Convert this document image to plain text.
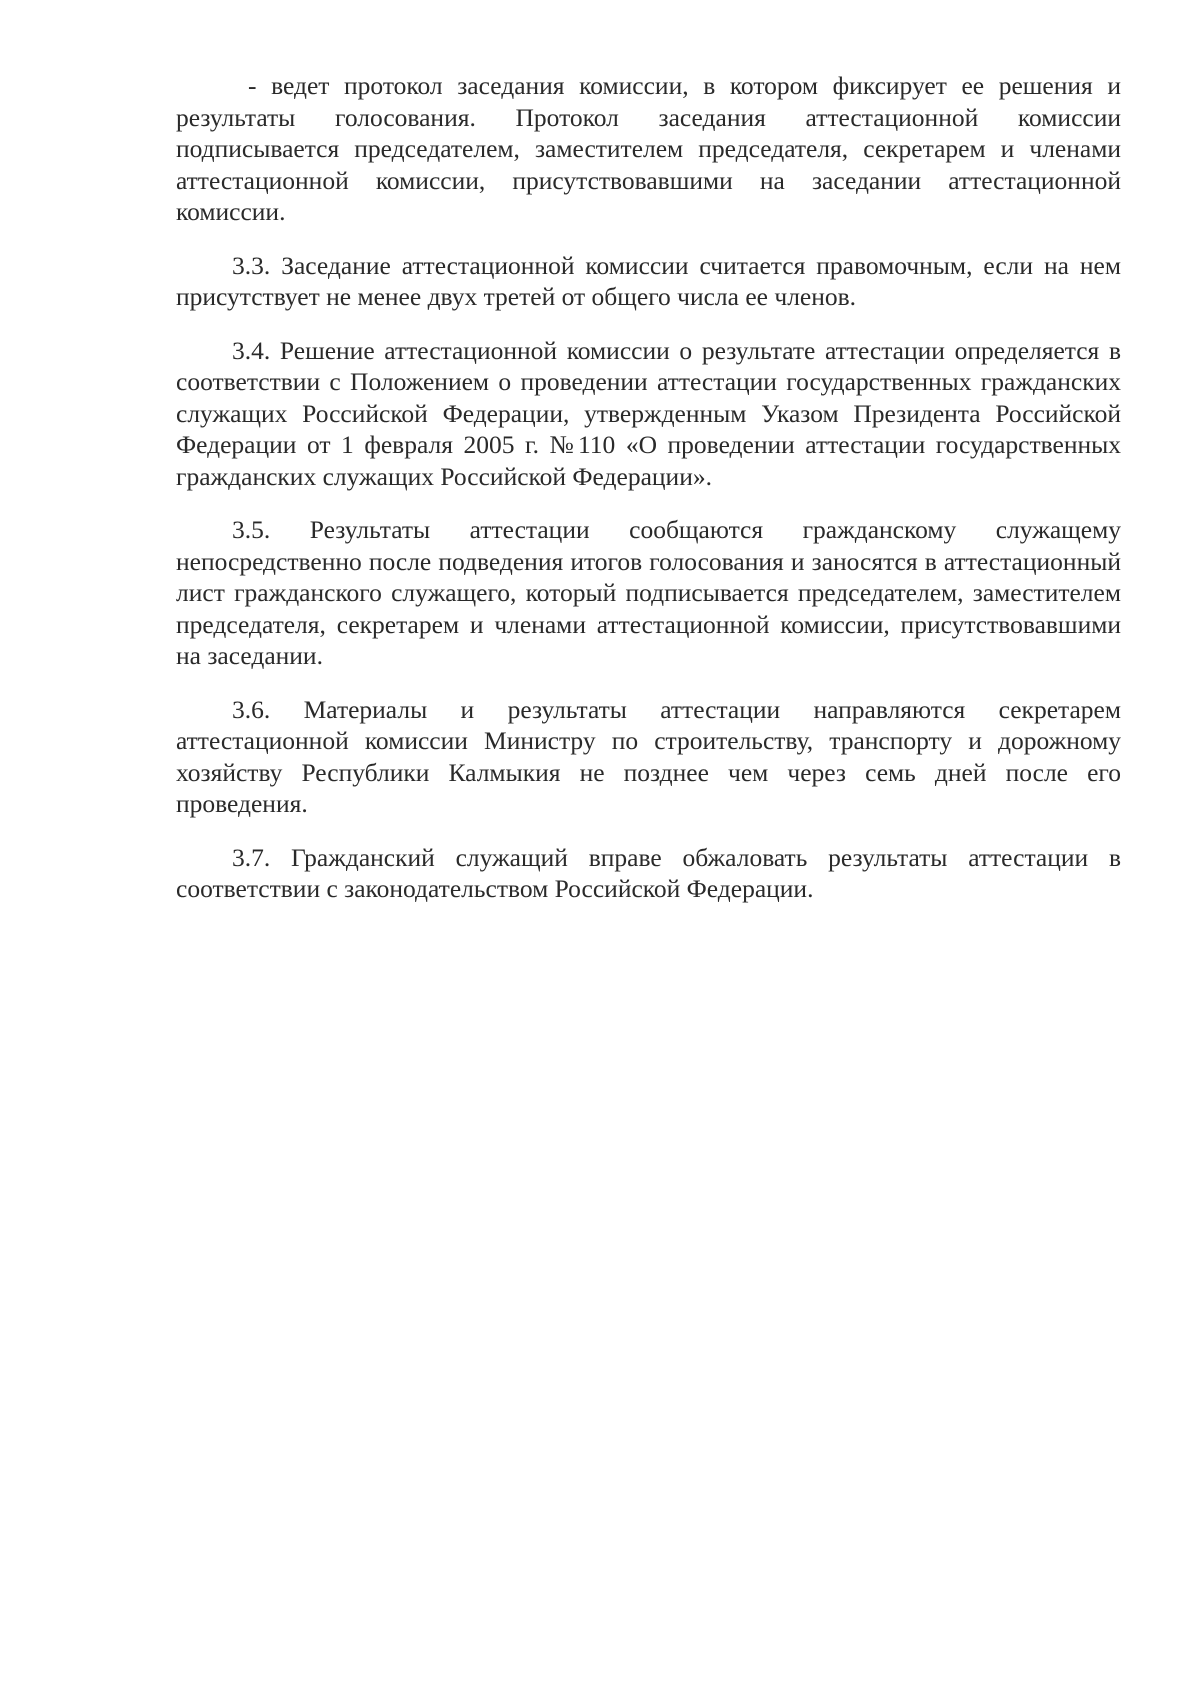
- ведет протокол заседания комиссии, в котором фиксирует ее решения и результаты голосования. Протокол заседания аттестационной комиссии подписывается председателем, заместителем председателя, секретарем и членами аттестационной комиссии, присутствовавшими на заседании аттестационной комиссии.

3.3. Заседание аттестационной комиссии считается правомочным, если на нем присутствует не менее двух третей от общего числа ее членов.

3.4. Решение аттестационной комиссии о результате аттестации определяется в соответствии с Положением о проведении аттестации государственных гражданских служащих Российской Федерации, утвержденным Указом Президента Российской Федерации от 1 февраля 2005 г. №110 «О проведении аттестации государственных гражданских служащих Российской Федерации».

3.5. Результаты аттестации сообщаются гражданскому служащему непосредственно после подведения итогов голосования и заносятся в аттестационный лист гражданского служащего, который подписывается председателем, заместителем председателя, секретарем и членами аттестационной комиссии, присутствовавшими на заседании.

3.6. Материалы и результаты аттестации направляются секретарем аттестационной комиссии Министру по строительству, транспорту и дорожному хозяйству Республики Калмыкия не позднее чем через семь дней после его проведения.

3.7. Гражданский служащий вправе обжаловать результаты аттестации в соответствии с законодательством Российской Федерации.
